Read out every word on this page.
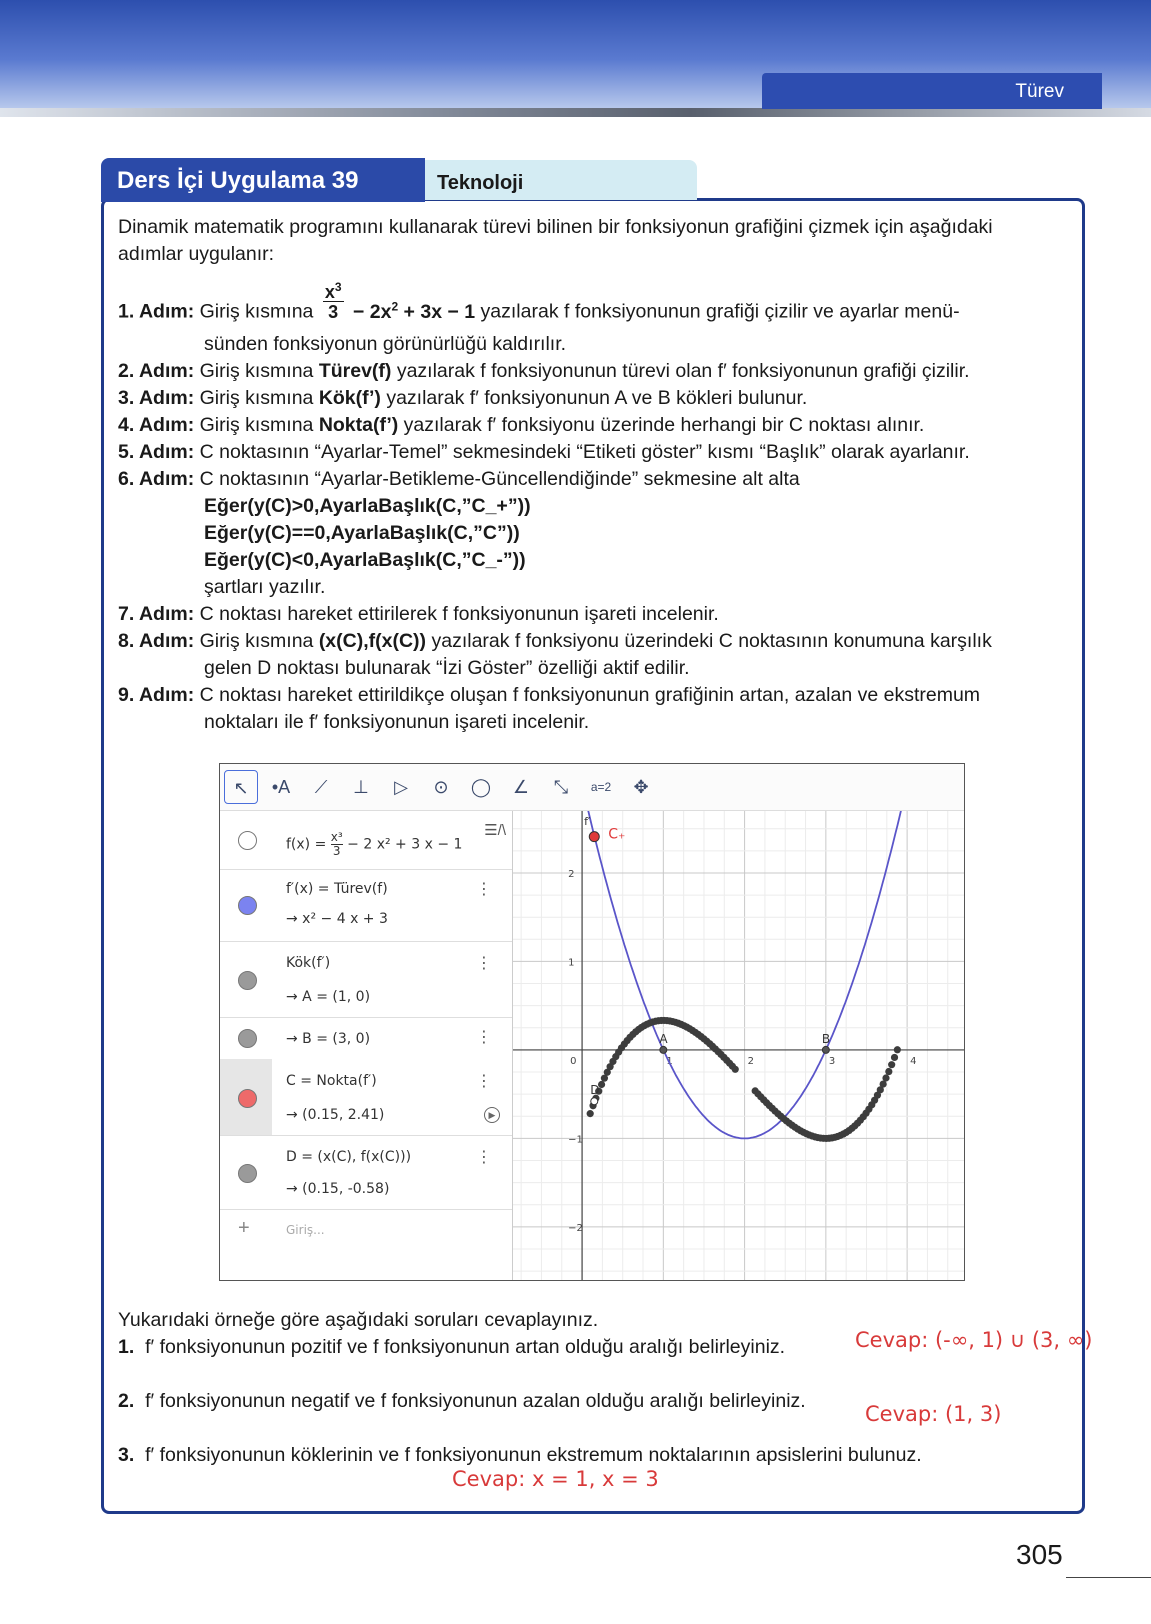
Türev
Teknoloji
Ders İçi Uygulama 39
Dinamik matematik programını kullanarak türevi bilinen bir fonksiyonun grafiğini çizmek için aşağıdaki
adımlar uygulanır:
1. Adım: Giriş kısmına $\frac{x^3}{3} - 2x^2 + 3x - 1$ yazılarak f fonksiyonunun grafiği çizilir ve ayarlar menü-
sünden fonksiyonun görünürlüğü kaldırılır.
2. Adım: Giriş kısmına Türev(f) yazılarak f fonksiyonunun türevi olan f′ fonksiyonunun grafiği çizilir.
3. Adım: Giriş kısmına Kök(f’) yazılarak f′ fonksiyonunun A ve B kökleri bulunur.
4. Adım: Giriş kısmına Nokta(f’) yazılarak f′ fonksiyonu üzerinde herhangi bir C noktası alınır.
5. Adım: C noktasının “Ayarlar-Temel” sekmesindeki “Etiketi göster” kısmı “Başlık” olarak ayarlanır.
6. Adım: C noktasının “Ayarlar-Betikleme-Güncellendiğinde” sekmesine alt alta
Eğer(y(C)>0,AyarlaBaşlık(C,”C_+”))
Eğer(y(C)==0,AyarlaBaşlık(C,”C”))
Eğer(y(C)<0,AyarlaBaşlık(C,”C_-”))
şartları yazılır.
7. Adım: C noktası hareket ettirilerek f fonksiyonunun işareti incelenir.
8. Adım: Giriş kısmına (x(C),f(x(C)) yazılarak f fonksiyonu üzerindeki C noktasının konumuna karşılık
gelen D noktası bulunarak “İzi Göster” özelliği aktif edilir.
9. Adım: C noktası hareket ettirildikçe oluşan f fonksiyonunun grafiğinin artan, azalan ve ekstremum
noktaları ile f′ fonksiyonunun işareti incelenir.
↖	•A	⟋	⊥	▷	⊙	◯	∠	⤡	a=2	✥
$f(x) = \frac{\text{x³}}{3} - 2$ x² + 3 x − 1
☰/\
f′(x) = Türev(f)
→ x² − 4 x + 3
⋮
Kök(f′)
→ A = (1, 0)
⋮
→ B = (3, 0)	⋮
C = Nokta(f′)
→ (0.15, 2.41)
⋮
▶
D = (x(C), f(x(C)))
→ (0.15, -0.58)
⋮
+	Giriş...
0	1	2	3	4
2
1
−1
−2
A	B
C₊
D
f′
Yukarıdaki örneğe göre aşağıdaki soruları cevaplayınız.
1. f′ fonksiyonunun pozitif ve f fonksiyonunun artan olduğu aralığı belirleyiniz.	Cevap: (-∞, 1) ∪ (3, ∞)
2. f′ fonksiyonunun negatif ve f fonksiyonunun azalan olduğu aralığı belirleyiniz.
Cevap: (1, 3)
3. f′ fonksiyonunun köklerinin ve f fonksiyonunun ekstremum noktalarının apsislerini bulunuz.
Cevap: x = 1, x = 3
305
